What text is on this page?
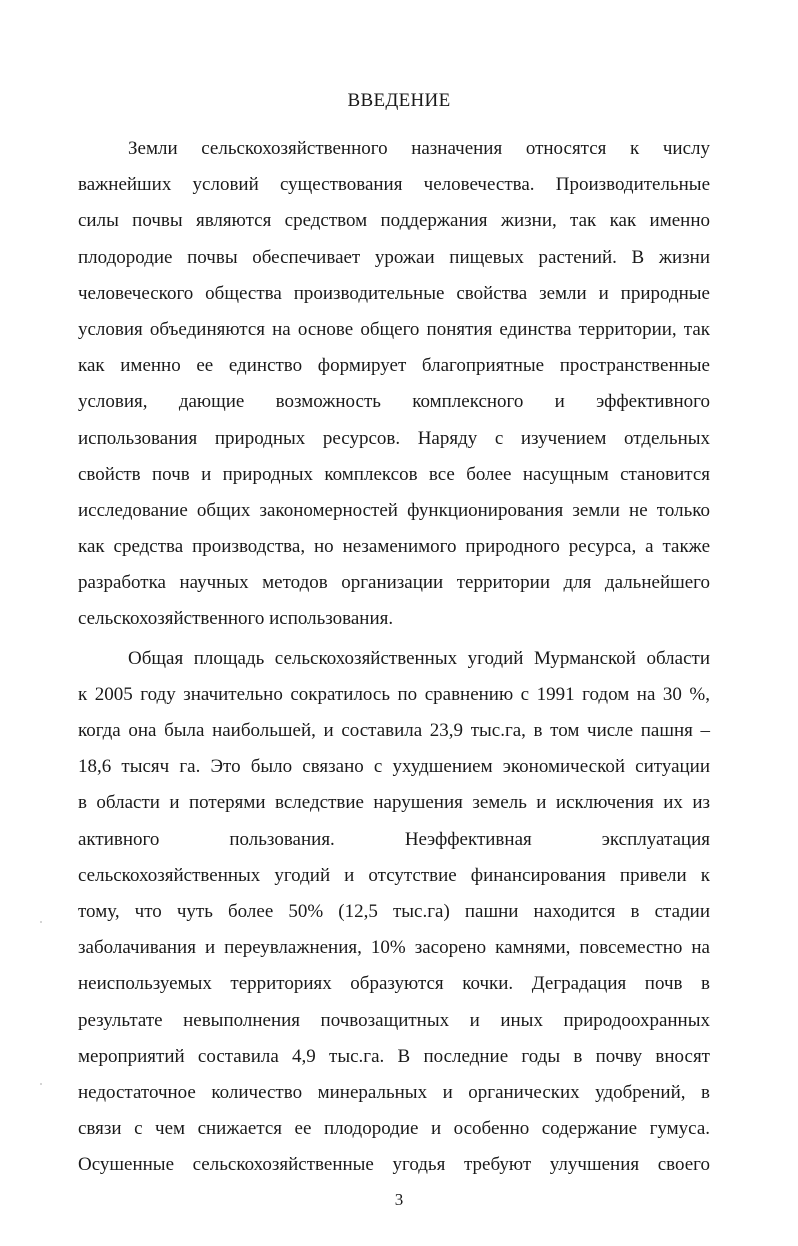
ВВЕДЕНИЕ
Земли сельскохозяйственного назначения относятся к числу
важнейших условий существования человечества. Производительные
силы почвы являются средством поддержания жизни, так как именно
плодородие почвы обеспечивает урожаи пищевых растений. В жизни
человеческого общества производительные свойства земли и природные
условия объединяются на основе общего понятия единства территории, так
как именно ее единство формирует благоприятные пространственные
условия, дающие возможность комплексного и эффективного
использования природных ресурсов. Наряду с изучением отдельных
свойств почв и природных комплексов все более насущным становится
исследование общих закономерностей функционирования земли не только
как средства производства, но незаменимого природного ресурса, а также
разработка научных методов организации территории для дальнейшего
сельскохозяйственного использования.
Общая площадь сельскохозяйственных угодий Мурманской области
к 2005 году значительно сократилось по сравнению с 1991 годом на 30 %,
когда она была наибольшей, и составила 23,9 тыс.га, в том числе пашня –
18,6 тысяч га. Это было связано с ухудшением экономической ситуации
в области и потерями вследствие нарушения земель и исключения их из
активного пользования. Неэффективная эксплуатация
сельскохозяйственных угодий и отсутствие финансирования привели к
тому, что чуть более 50% (12,5 тыс.га) пашни находится в стадии
заболачивания и переувлажнения, 10% засорено камнями, повсеместно на
неиспользуемых территориях образуются кочки. Деградация почв в
результате невыполнения почвозащитных и иных природоохранных
мероприятий составила 4,9 тыс.га. В последние годы в почву вносят
недостаточное количество минеральных и органических удобрений, в
связи с чем снижается ее плодородие и особенно содержание гумуса.
Осушенные сельскохозяйственные угодья требуют улучшения своего
3
